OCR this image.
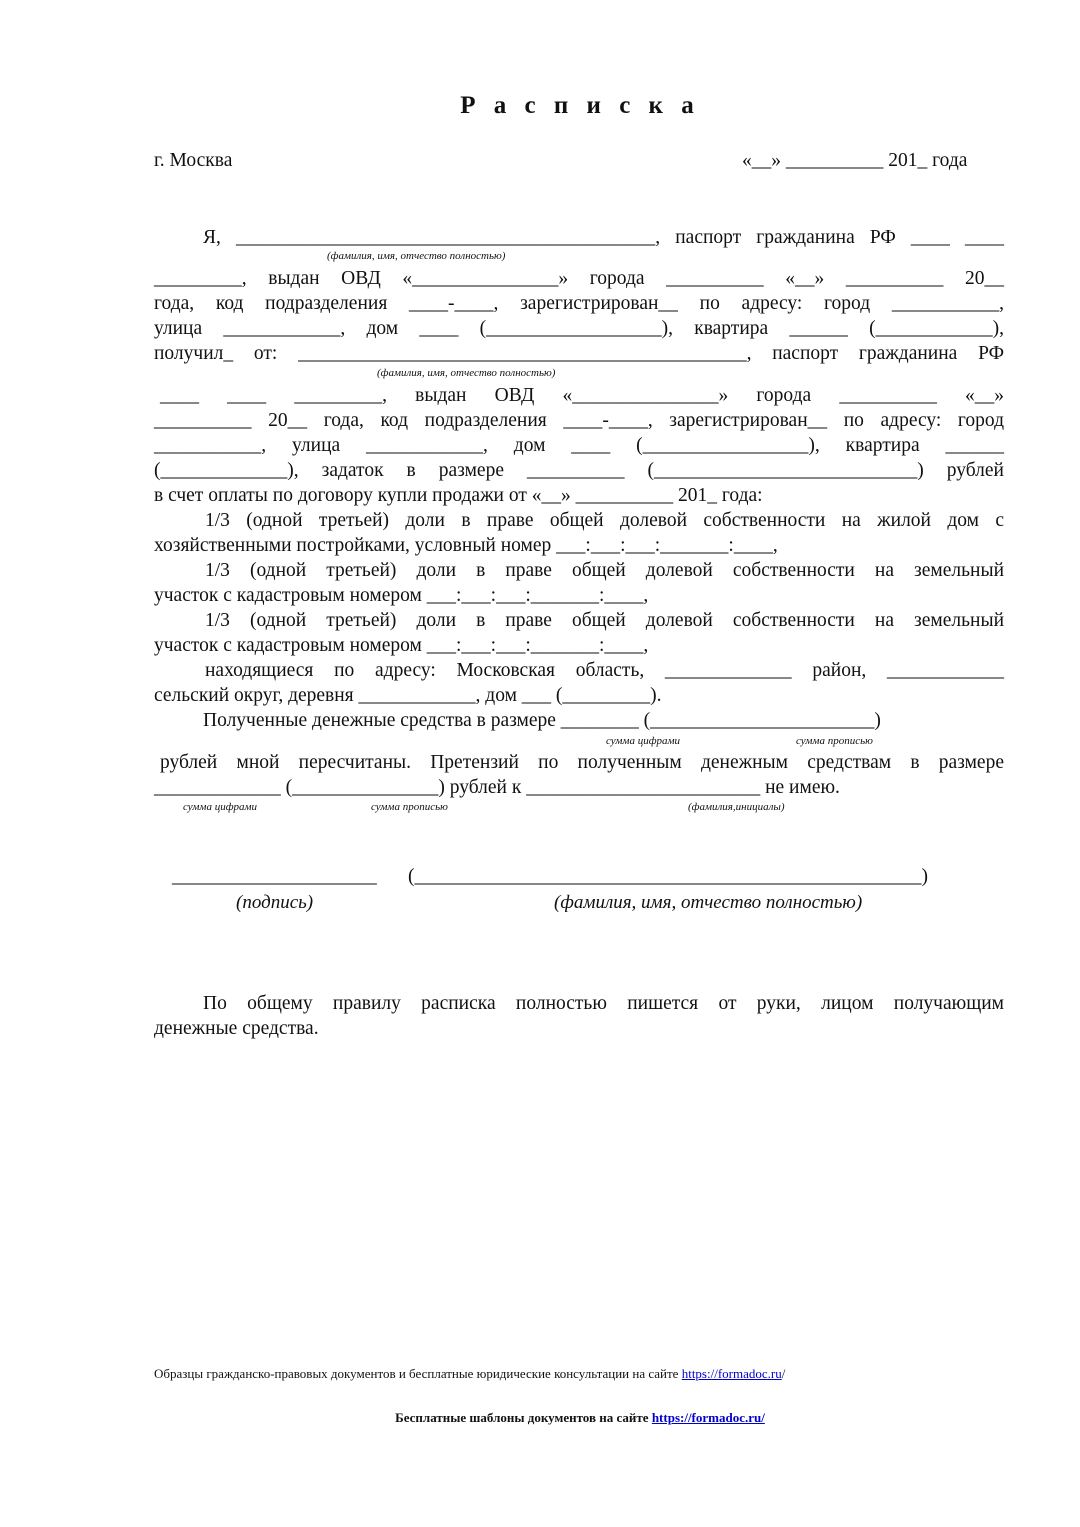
Р а с п и с к а
г. Москва	«__» __________ 201_ года
Я, ___________________________________________, паспорт гражданина РФ ____ ____
(фамилия, имя, отчество полностью)
_________, выдан ОВД «_______________» города __________ «__» __________ 20__
года, код подразделения ____-____, зарегистрирован__ по адресу: город ___________,
улица ____________, дом ____ (__________________), квартира ______ (____________),
получил_ от: ______________________________________________, паспорт гражданина РФ
(фамилия, имя, отчество полностью)
____ ____ _________, выдан ОВД «_______________» города __________ «__»
__________ 20__ года, код подразделения ____-____, зарегистрирован__ по адресу: город
___________, улица ____________, дом ____ (_________________), квартира ______
(_____________), задаток в размере __________ (___________________________) рублей
в счет оплаты по договору купли продажи от «__» __________ 201_ года:
1/3 (одной третьей) доли в праве общей долевой собственности на жилой дом с
хозяйственными постройками, условный номер ___:___:___:_______:____,
1/3 (одной третьей) доли в праве общей долевой собственности на земельный
участок с кадастровым номером ___:___:___:_______:____,
1/3 (одной третьей) доли в праве общей долевой собственности на земельный
участок с кадастровым номером ___:___:___:_______:____,
находящиеся по адресу: Московская область, _____________ район, ____________
сельский округ, деревня ____________, дом ___ (_________).
Полученные денежные средства в размере ________ (_______________________)
сумма цифрами	сумма прописью
рублей мной пересчитаны. Претензий по полученным денежным средствам в размере
_____________ (_______________) рублей к ________________________ не имею.
сумма цифрами	сумма прописью	(фамилия,инициалы)
_____________________ (____________________________________________________)
(подпись)	(фамилия, имя, отчество полностью)
По общему правилу расписка полностью пишется от руки, лицом получающим
денежные средства.
Образцы гражданско-правовых документов и бесплатные юридические консультации на сайте https://formadoc.ru/
Бесплатные шаблоны документов на сайте https://formadoc.ru/
